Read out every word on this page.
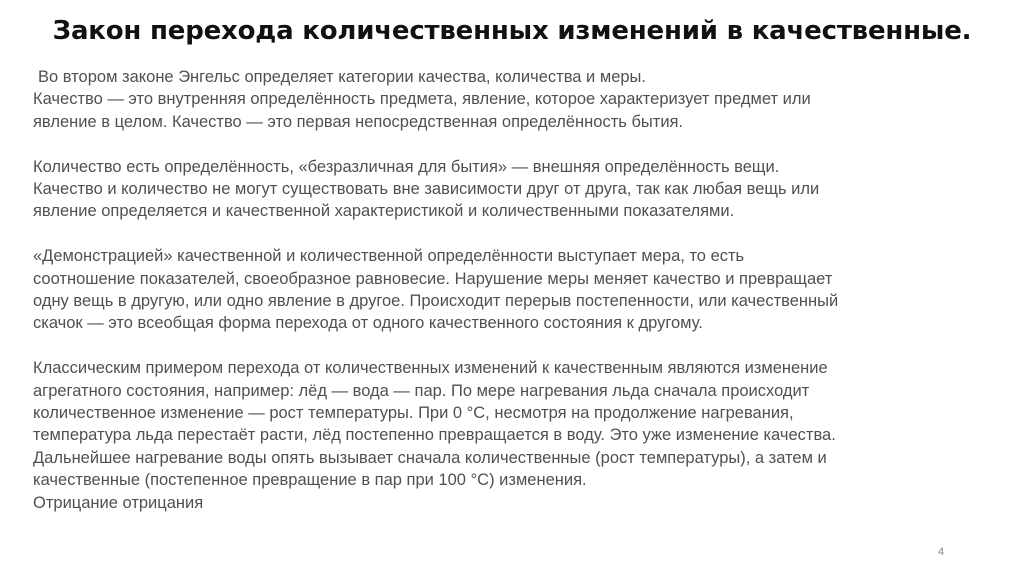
Закон перехода количественных изменений в качественные.
Во втором законе Энгельс определяет категории качества, количества и меры.
Качество — это внутренняя определённость предмета, явление, которое характеризует предмет или
явление в целом. Качество — это первая непосредственная определённость бытия.
Количество есть определённость, «безразличная для бытия» — внешняя определённость вещи.
Качество и количество не могут существовать вне зависимости друг от друга, так как любая вещь или
явление определяется и качественной характеристикой и количественными показателями.
«Демонстрацией» качественной и количественной определённости выступает мера, то есть
соотношение показателей, своеобразное равновесие. Нарушение меры меняет качество и превращает
одну вещь в другую, или одно явление в другое. Происходит перерыв постепенности, или качественный
скачок — это всеобщая форма перехода от одного качественного состояния к другому.
Классическим примером перехода от количественных изменений к качественным являются изменение
агрегатного состояния, например: лёд — вода — пар. По мере нагревания льда сначала происходит
количественное изменение — рост температуры. При 0 °С, несмотря на продолжение нагревания,
температура льда перестаёт расти, лёд постепенно превращается в воду. Это уже изменение качества.
Дальнейшее нагревание воды опять вызывает сначала количественные (рост температуры), а затем и
качественные (постепенное превращение в пар при 100 °С) изменения.
Отрицание отрицания
4
